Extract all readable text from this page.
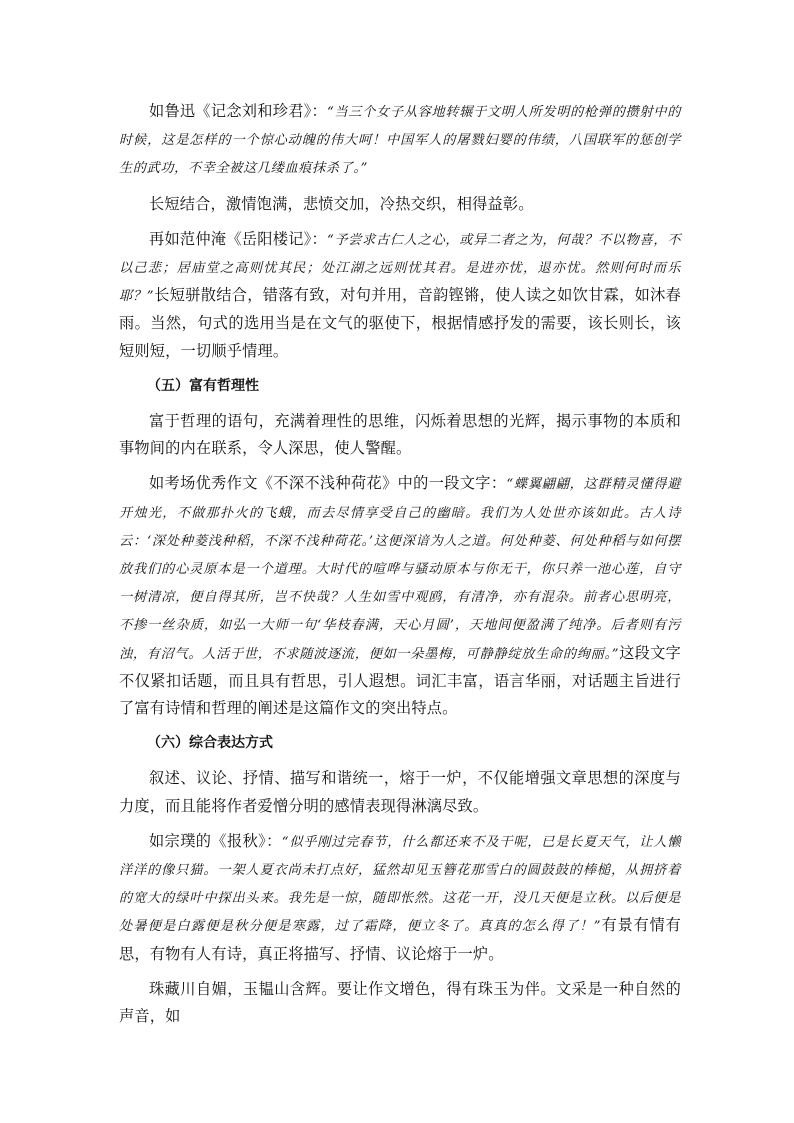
如鲁迅《记念刘和珍君》：“当三个女子从容地转辗于文明人所发明的枪弹的攒射中的时候，这是怎样的一个惊心动魄的伟大呵！中国军人的屠戮妇婴的伟绩，八国联军的惩创学生的武功，不幸全被这几缕血痕抹杀了。”

长短结合，激情饱满，悲愤交加，冷热交织，相得益彰。

再如范仲淹《岳阳楼记》：“予尝求古仁人之心，或异二者之为，何哉？不以物喜，不以己悲；居庙堂之高则忧其民；处江湖之远则忧其君。是进亦忧，退亦忧。然则何时而乐耶？”长短骈散结合，错落有致，对句并用，音韵铿锵，使人读之如饮甘霖，如沐春雨。当然，句式的选用当是在文气的驱使下，根据情感抒发的需要，该长则长，该短则短，一切顺乎情理。

（五）富有哲理性

富于哲理的语句，充满着理性的思维，闪烁着思想的光辉，揭示事物的本质和事物间的内在联系，令人深思，使人警醒。

如考场优秀作文《不深不浅种荷花》中的一段文字：“蝶翼翩翩，这群精灵懂得避开烛光，不做那扑火的飞蛾，而去尽情享受自己的幽暗。我们为人处世亦该如此。古人诗云：‘深处种菱浅种稻，不深不浅种荷花。’这便深谙为人之道。何处种菱、何处种稻与如何摆放我们的心灵原本是一个道理。大时代的喧哗与骚动原本与你无干，你只养一池心莲，自守一树清凉，便自得其所，岂不快哉？人生如雪中观鸥，有清净，亦有混杂。前者心思明亮，不掺一丝杂质，如弘一大师一句‘华枝春满，天心月圆’，天地间便盈满了纯净。后者则有污浊，有沼气。人活于世，不求随波逐流，便如一朵墨梅，可静静绽放生命的绚丽。”这段文字不仅紧扣话题，而且具有哲思，引人遐想。词汇丰富，语言华丽，对话题主旨进行了富有诗情和哲理的阐述是这篇作文的突出特点。

（六）综合表达方式

叙述、议论、抒情、描写和谐统一，熔于一炉，不仅能增强文章思想的深度与力度，而且能将作者爱憎分明的感情表现得淋漓尽致。

如宗璞的《报秋》：“似乎刚过完春节，什么都还来不及干呢，已是长夏天气，让人懒洋洋的像只猫。一架人夏衣尚未打点好，猛然却见玉簪花那雪白的圆鼓鼓的棒槌，从拥挤着的宽大的绿叶中探出头来。我先是一惊，随即怅然。这花一开，没几天便是立秋。以后便是处暑便是白露便是秋分便是寒露，过了霜降，便立冬了。真真的怎么得了！”有景有情有思，有物有人有诗，真正将描写、抒情、议论熔于一炉。

珠藏川自媚，玉韫山含辉。要让作文增色，得有珠玉为伴。文采是一种自然的声音，如
